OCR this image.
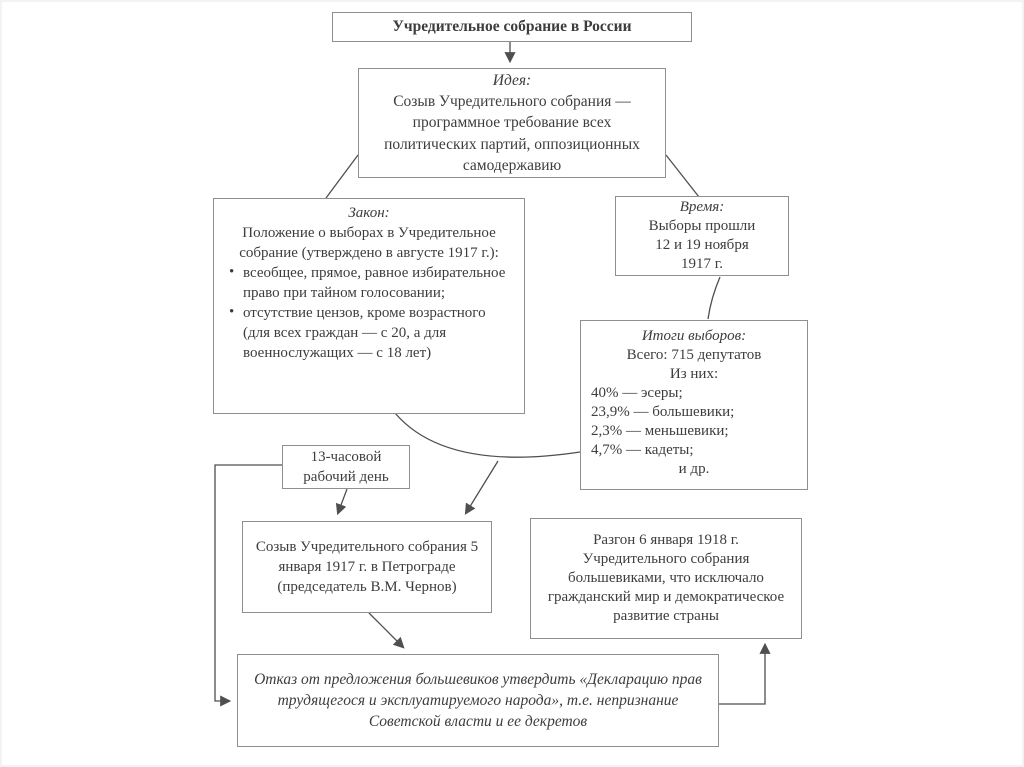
Учредительное собрание в России
Идея:
Созыв Учредительного собрания — программное требование всех политических партий, оппозиционных самодержавию
Закон:
Положение о выборах в Учредительное собрание (утверждено в августе 1917 г.):
• всеобщее, прямое, равное избирательное право при тайном голосовании;
• отсутствие цензов, кроме возрастного (для всех граждан — с 20, а для военнослужащих — с 18 лет)
Время:
Выборы прошли
12 и 19 ноября
1917 г.
Итоги выборов:
Всего: 715 депутатов
Из них:
40% — эсеры;
23,9% — большевики;
2,3% — меньшевики;
4,7% — кадеты;
и др.
13-часовой рабочий день
Созыв Учредительного собрания 5 января 1917 г. в Петрограде (председатель В.М. Чернов)
Разгон 6 января 1918 г. Учредительного собрания большевиками, что исключало гражданский мир и демократическое развитие страны
Отказ от предложения большевиков утвердить «Декларацию прав трудящегося и эксплуатируемого народа», т.е. непризнание Советской власти и ее декретов
